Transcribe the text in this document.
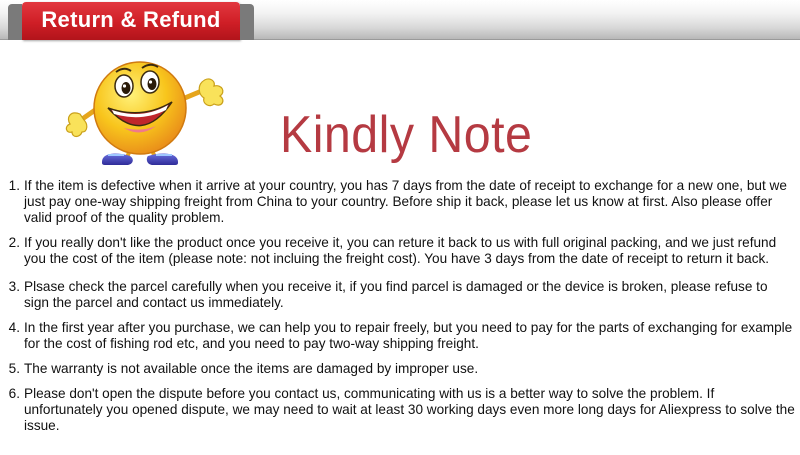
Return & Refund
Kindly Note
1. If the item is defective when it arrive at your country, you has 7 days from the date of receipt to exchange for a new one, but we just pay one-way shipping freight from China to your country. Before ship it back, please let us know at first. Also please offer valid proof of the quality problem.
2. If you really don't like the product once you receive it, you can reture it back to us with full original packing, and we just refund you the cost of the item (please note: not incluing the freight cost). You have 3 days from the date of receipt to return it back.
3. Plsase check the parcel carefully when you receive it, if you find parcel is damaged or the device is broken, please refuse to sign the parcel and contact us immediately.
4. In the first year after you purchase, we can help you to repair freely, but you need to pay for the parts of exchanging for example for the cost of fishing rod etc, and you need to pay two-way shipping freight.
5. The warranty is not available once the items are damaged by improper use.
6. Please don't open the dispute before you contact us, communicating with us is a better way to solve the problem. If unfortunately you opened dispute, we may need to wait at least 30 working days even more long days for Aliexpress to solve the issue.
